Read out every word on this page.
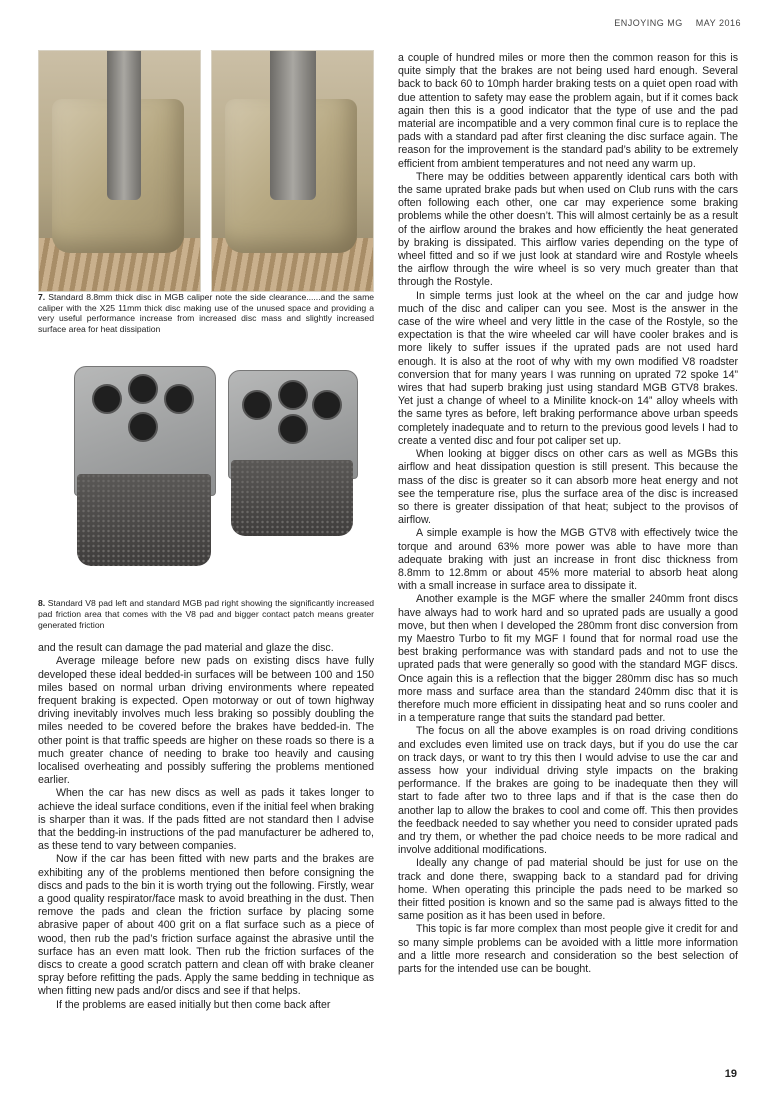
ENJOYING MG MAY 2016

7. Standard 8.8mm thick disc in MGB caliper note the side clearance......and the same caliper with the X25 11mm thick disc making use of the unused space and providing a very useful performance increase from increased disc mass and slightly increased surface area for heat dissipation

8. Standard V8 pad left and standard MGB pad right showing the significantly increased pad friction area that comes with the V8 pad and bigger contact patch means greater generated friction

and the result can damage the pad material and glaze the disc.

Average mileage before new pads on existing discs have fully developed these ideal bedded-in surfaces will be between 100 and 150 miles based on normal urban driving environments where repeated frequent braking is expected. Open motorway or out of town highway driving inevitably involves much less braking so possibly doubling the miles needed to be covered before the brakes have bedded-in. The other point is that traffic speeds are higher on these roads so there is a much greater chance of needing to brake too heavily and causing localised overheating and possibly suffering the problems mentioned earlier.

When the car has new discs as well as pads it takes longer to achieve the ideal surface conditions, even if the initial feel when braking is sharper than it was. If the pads fitted are not standard then I advise that the bedding-in instructions of the pad manufacturer be adhered to, as these tend to vary between companies.

Now if the car has been fitted with new parts and the brakes are exhibiting any of the problems mentioned then before consigning the discs and pads to the bin it is worth trying out the following. Firstly, wear a good quality respirator/face mask to avoid breathing in the dust. Then remove the pads and clean the friction surface by placing some abrasive paper of about 400 grit on a flat surface such as a piece of wood, then rub the pad’s friction surface against the abrasive until the surface has an even matt look. Then rub the friction surfaces of the discs to create a good scratch pattern and clean off with brake cleaner spray before refitting the pads. Apply the same bedding in technique as when fitting new pads and/or discs and see if that helps.

If the problems are eased initially but then come back after

a couple of hundred miles or more then the common reason for this is quite simply that the brakes are not being used hard enough. Several back to back 60 to 10mph harder braking tests on a quiet open road with due attention to safety may ease the problem again, but if it comes back again then this is a good indicator that the type of use and the pad material are incompatible and a very common final cure is to replace the pads with a standard pad after first cleaning the disc surface again. The reason for the improvement is the standard pad’s ability to be extremely efficient from ambient temperatures and not need any warm up.

There may be oddities between apparently identical cars both with the same uprated brake pads but when used on Club runs with the cars often following each other, one car may experience some braking problems while the other doesn’t. This will almost certainly be as a result of the airflow around the brakes and how efficiently the heat generated by braking is dissipated. This airflow varies depending on the type of wheel fitted and so if we just look at standard wire and Rostyle wheels the airflow through the wire wheel is so very much greater than that through the Rostyle.

In simple terms just look at the wheel on the car and judge how much of the disc and caliper can you see. Most is the answer in the case of the wire wheel and very little in the case of the Rostyle, so the expectation is that the wire wheeled car will have cooler brakes and is more likely to suffer issues if the uprated pads are not used hard enough. It is also at the root of why with my own modified V8 roadster conversion that for many years I was running on uprated 72 spoke 14” wires that had superb braking just using standard MGB GTV8 brakes. Yet just a change of wheel to a Minilite knock-on 14” alloy wheels with the same tyres as before, left braking performance above urban speeds completely inadequate and to return to the previous good levels I had to create a vented disc and four pot caliper set up.

When looking at bigger discs on other cars as well as MGBs this airflow and heat dissipation question is still present. This because the mass of the disc is greater so it can absorb more heat energy and not see the temperature rise, plus the surface area of the disc is increased so there is greater dissipation of that heat; subject to the provisos of airflow.

A simple example is how the MGB GTV8 with effectively twice the torque and around 63% more power was able to have more than adequate braking with just an increase in front disc thickness from 8.8mm to 12.8mm or about 45% more material to absorb heat along with a small increase in surface area to dissipate it.

Another example is the MGF where the smaller 240mm front discs have always had to work hard and so uprated pads are usually a good move, but then when I developed the 280mm front disc conversion from my Maestro Turbo to fit my MGF I found that for normal road use the best braking performance was with standard pads and not to use the uprated pads that were generally so good with the standard MGF discs. Once again this is a reflection that the bigger 280mm disc has so much more mass and surface area than the standard 240mm disc that it is therefore much more efficient in dissipating heat and so runs cooler and in a temperature range that suits the standard pad better.

The focus on all the above examples is on road driving conditions and excludes even limited use on track days, but if you do use the car on track days, or want to try this then I would advise to use the car and assess how your individual driving style impacts on the braking performance. If the brakes are going to be inadequate then they will start to fade after two to three laps and if that is the case then do another lap to allow the brakes to cool and come off. This then provides the feedback needed to say whether you need to consider uprated pads and try them, or whether the pad choice needs to be more radical and involve additional modifications.

Ideally any change of pad material should be just for use on the track and done there, swapping back to a standard pad for driving home. When operating this principle the pads need to be marked so their fitted position is known and so the same pad is always fitted to the same position as it has been used in before.

This topic is far more complex than most people give it credit for and so many simple problems can be avoided with a little more information and a little more research and consideration so the best selection of parts for the intended use can be bought.

19
